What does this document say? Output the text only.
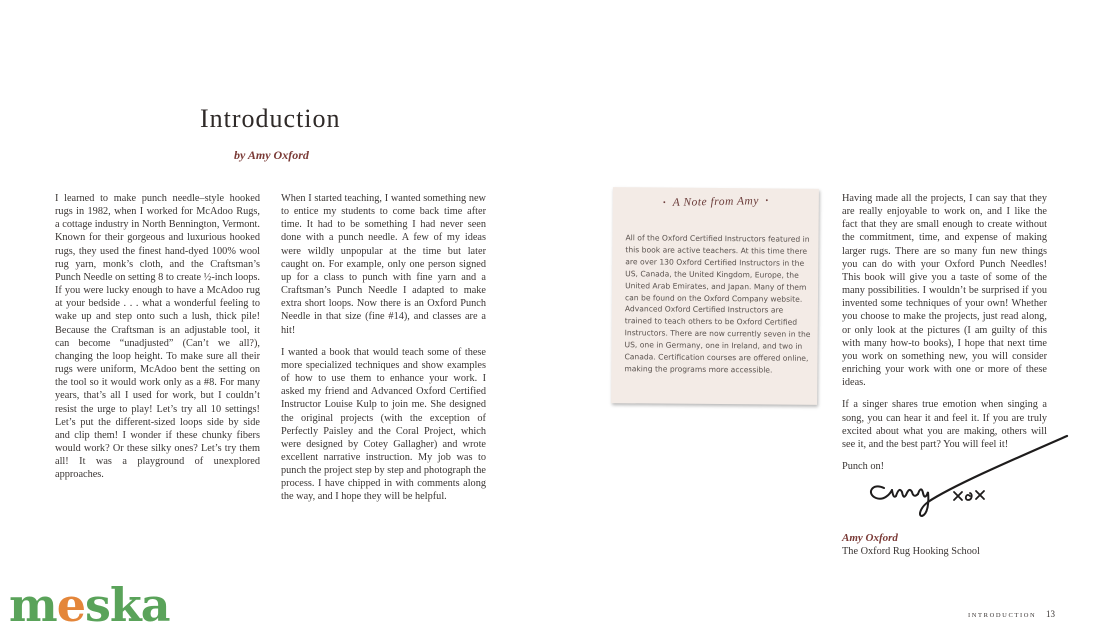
Introduction
by Amy Oxford

I learned to make punch needle–style hooked rugs in 1982, when I worked for McAdoo Rugs, a cottage industry in North Bennington, Vermont. Known for their gorgeous and luxurious hooked rugs, they used the finest hand-dyed 100% wool rug yarn, monk’s cloth, and the Craftsman’s Punch Needle on setting 8 to create ½-inch loops. If you were lucky enough to have a McAdoo rug at your bedside . . . what a wonderful feeling to wake up and step onto such a lush, thick pile! Because the Craftsman is an adjustable tool, it can become “unadjusted” (Can’t we all?), changing the loop height. To make sure all their rugs were uniform, McAdoo bent the setting on the tool so it would work only as a #8. For many years, that’s all I used for work, but I couldn’t resist the urge to play! Let’s try all 10 settings! Let’s put the different-sized loops side by side and clip them! I wonder if these chunky fibers would work? Or these silky ones? Let’s try them all! It was a playground of unexplored approaches.

When I started teaching, I wanted something new to entice my students to come back time after time. It had to be something I had never seen done with a punch needle. A few of my ideas were wildly unpopular at the time but later caught on. For example, only one person signed up for a class to punch with fine yarn and a Craftsman’s Punch Needle I adapted to make extra short loops. Now there is an Oxford Punch Needle in that size (fine #14), and classes are a hit!

I wanted a book that would teach some of these more specialized techniques and show examples of how to use them to enhance your work. I asked my friend and Advanced Oxford Certified Instructor Louise Kulp to join me. She designed the original projects (with the exception of Perfectly Paisley and the Coral Project, which were designed by Cotey Gallagher) and wrote excellent narrative instruction. My job was to punch the project step by step and photograph the process. I have chipped in with comments along the way, and I hope they will be helpful.

· A Note from Amy ·
All of the Oxford Certified Instructors featured in this book are active teachers. At this time there are over 130 Oxford Certified Instructors in the US, Canada, the United Kingdom, Europe, the United Arab Emirates, and Japan. Many of them can be found on the Oxford Company website. Advanced Oxford Certified Instructors are trained to teach others to be Oxford Certified Instructors. There are now currently seven in the US, one in Germany, one in Ireland, and two in Canada. Certification courses are offered online, making the programs more accessible.

Having made all the projects, I can say that they are really enjoyable to work on, and I like the fact that they are small enough to create without the commitment, time, and expense of making larger rugs. There are so many fun new things you can do with your Oxford Punch Needles! This book will give you a taste of some of the many possibilities. I wouldn’t be surprised if you invented some techniques of your own! Whether you choose to make the projects, just read along, or only look at the pictures (I am guilty of this with many how-to books), I hope that next time you work on something new, you will consider enriching your work with one or more of these ideas.

If a singer shares true emotion when singing a song, you can hear it and feel it. If you are truly excited about what you are making, others will see it, and the best part? You will feel it!

Punch on!

Amy Oxford
The Oxford Rug Hooking School
meska	INTRODUCTION 13
